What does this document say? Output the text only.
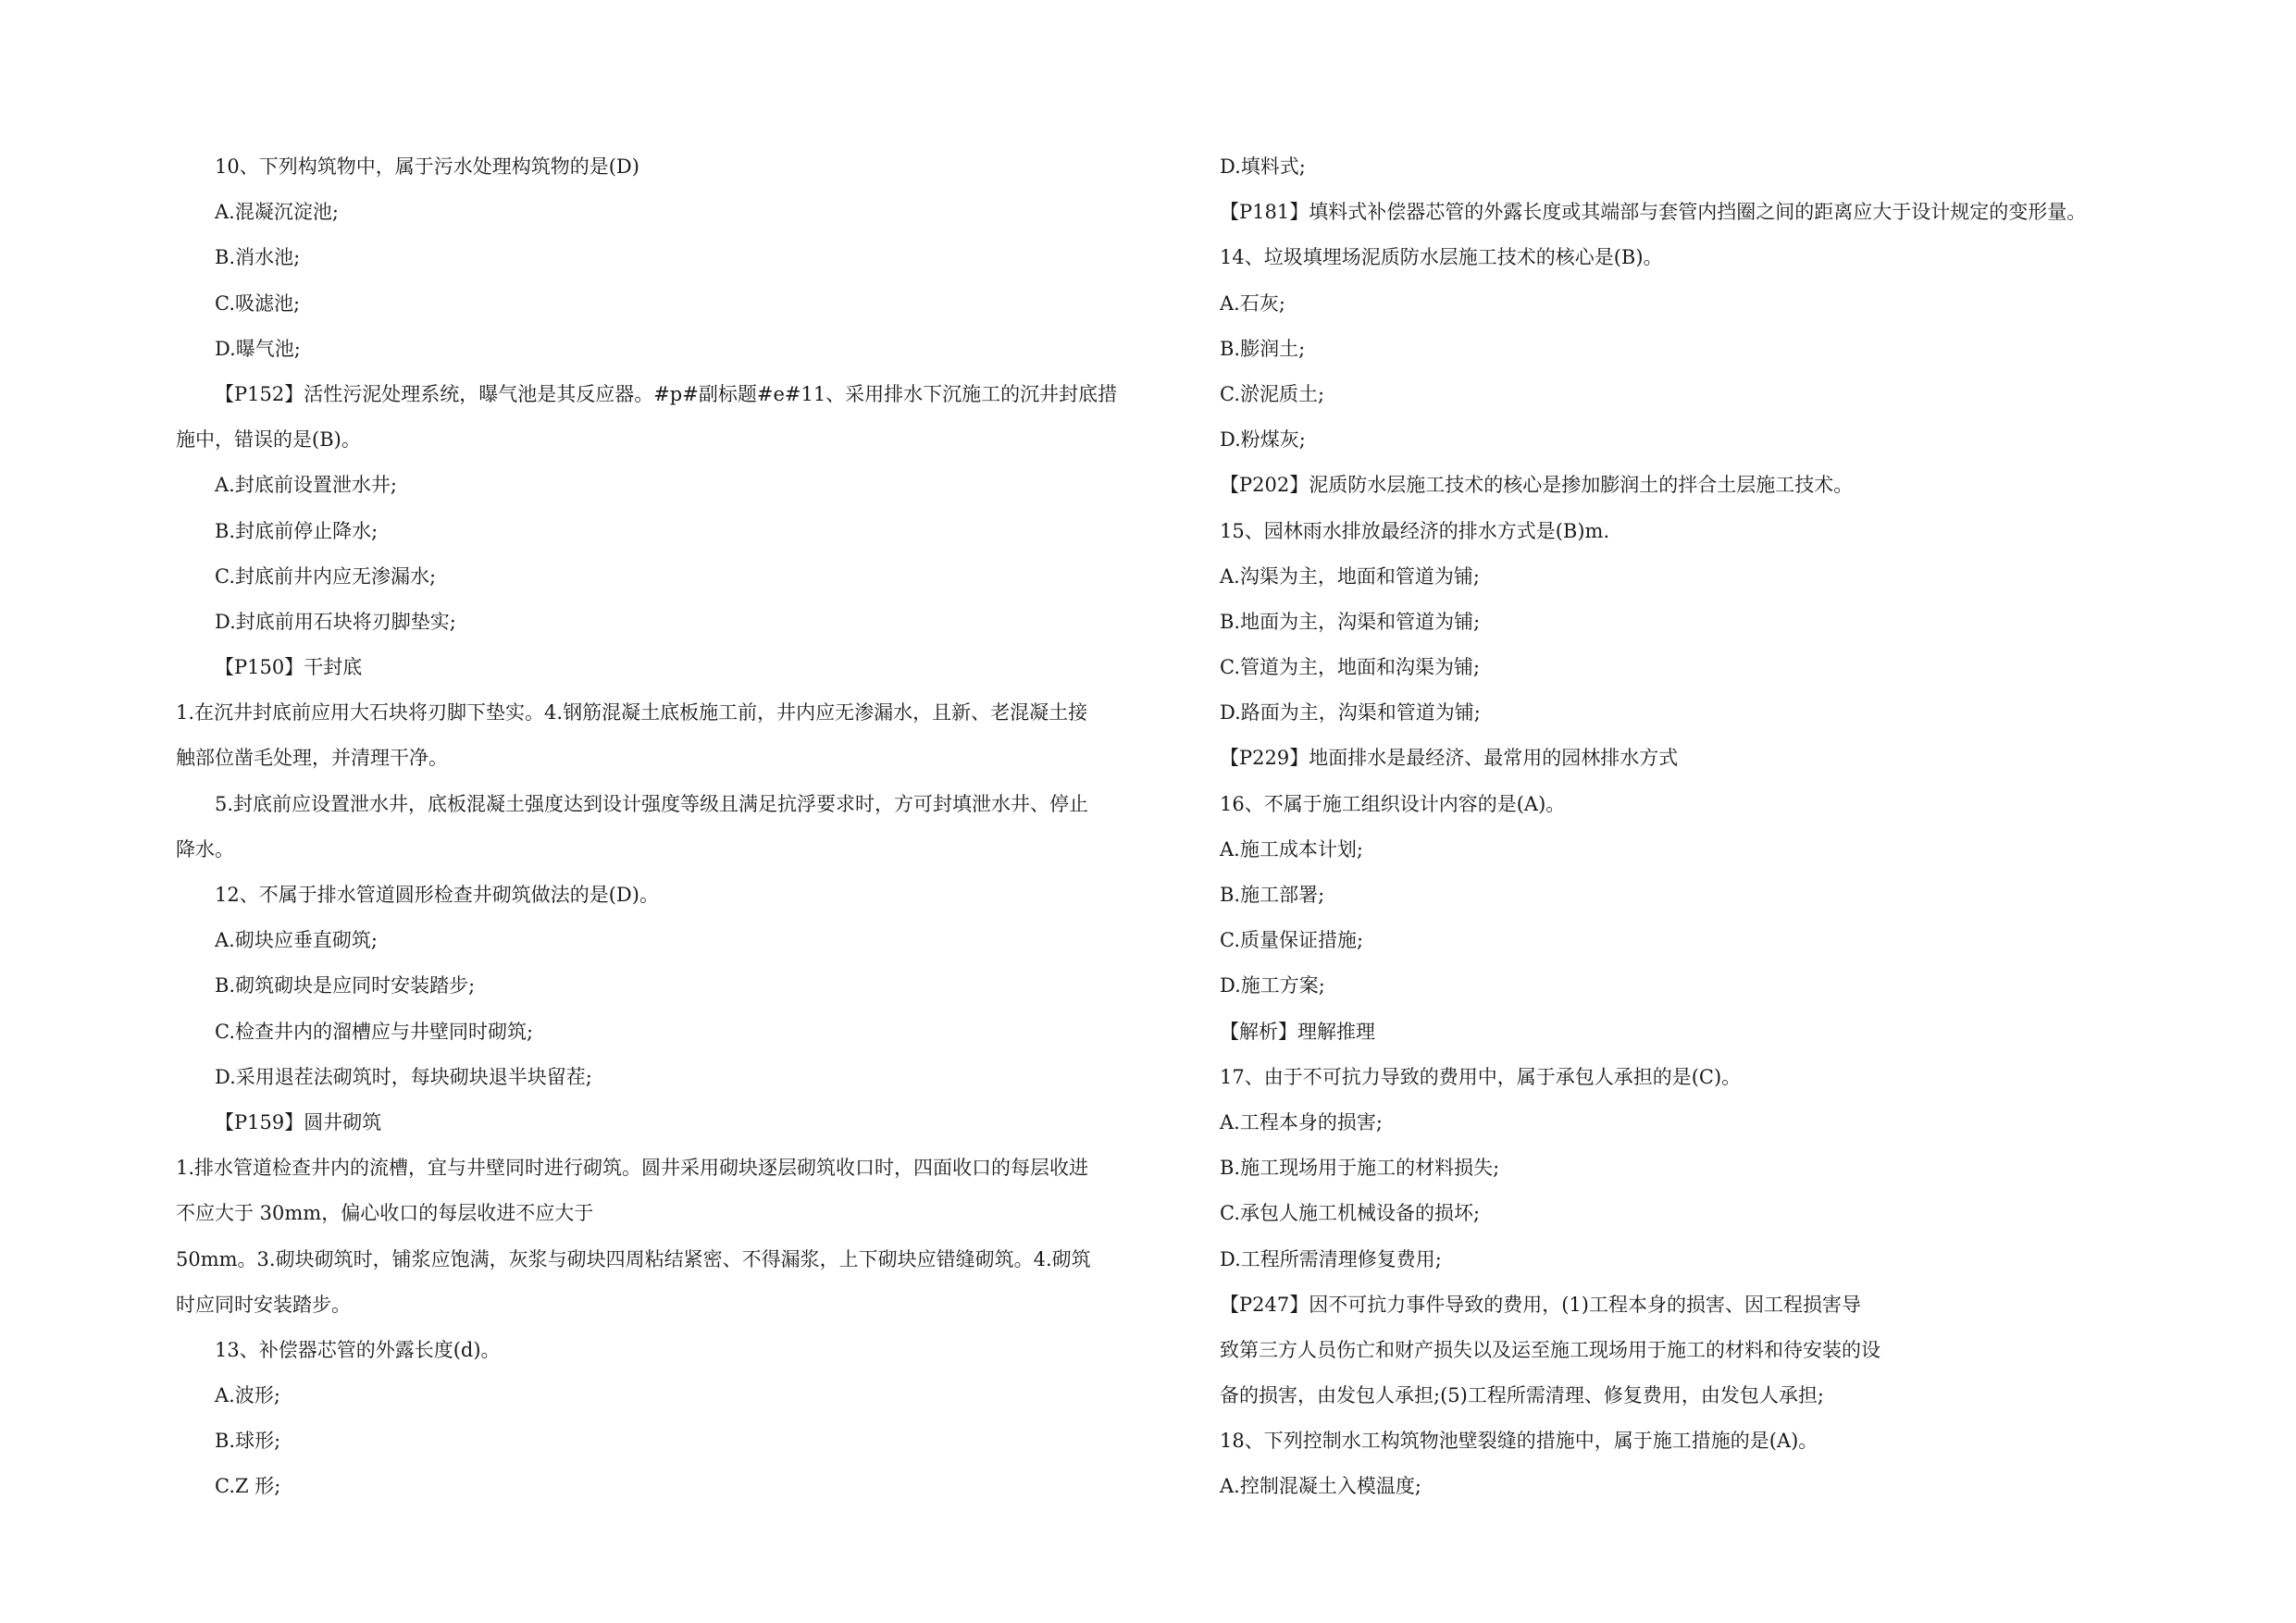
10、下列构筑物中，属于污水处理构筑物的是(D)
A.混凝沉淀池;
B.消水池;
C.吸滤池;
D.曝气池;
【P152】活性污泥处理系统，曝气池是其反应器。#p#副标题#e#11、采用排水下沉施工的沉井封底措
施中，错误的是(B)。
A.封底前设置泄水井;
B.封底前停止降水;
C.封底前井内应无渗漏水;
D.封底前用石块将刃脚垫实;
【P150】干封底
1.在沉井封底前应用大石块将刃脚下垫实。4.钢筋混凝土底板施工前，井内应无渗漏水，且新、老混凝土接
触部位凿毛处理，并清理干净。
5.封底前应设置泄水井，底板混凝土强度达到设计强度等级且满足抗浮要求时，方可封填泄水井、停止
降水。
12、不属于排水管道圆形检查井砌筑做法的是(D)。
A.砌块应垂直砌筑;
B.砌筑砌块是应同时安装踏步;
C.检查井内的溜槽应与井壁同时砌筑;
D.采用退茬法砌筑时，每块砌块退半块留茬;
【P159】圆井砌筑
1.排水管道检查井内的流槽，宜与井壁同时进行砌筑。圆井采用砌块逐层砌筑收口时，四面收口的每层收进
不应大于 30mm，偏心收口的每层收进不应大于
50mm。3.砌块砌筑时，铺浆应饱满，灰浆与砌块四周粘结紧密、不得漏浆，上下砌块应错缝砌筑。4.砌筑
时应同时安装踏步。
13、补偿器芯管的外露长度(d)。
A.波形;
B.球形;
C.Z 形;
D.填料式;
【P181】填料式补偿器芯管的外露长度或其端部与套管内挡圈之间的距离应大于设计规定的变形量。
14、垃圾填埋场泥质防水层施工技术的核心是(B)。
A.石灰;
B.膨润土;
C.淤泥质土;
D.粉煤灰;
【P202】泥质防水层施工技术的核心是掺加膨润土的拌合土层施工技术。
15、园林雨水排放最经济的排水方式是(B)m.
A.沟渠为主，地面和管道为铺;
B.地面为主，沟渠和管道为铺;
C.管道为主，地面和沟渠为铺;
D.路面为主，沟渠和管道为铺;
【P229】地面排水是最经济、最常用的园林排水方式
16、不属于施工组织设计内容的是(A)。
A.施工成本计划;
B.施工部署;
C.质量保证措施;
D.施工方案;
【解析】理解推理
17、由于不可抗力导致的费用中，属于承包人承担的是(C)。
A.工程本身的损害;
B.施工现场用于施工的材料损失;
C.承包人施工机械设备的损坏;
D.工程所需清理修复费用;
【P247】因不可抗力事件导致的费用，(1)工程本身的损害、因工程损害导
致第三方人员伤亡和财产损失以及运至施工现场用于施工的材料和待安装的设
备的损害，由发包人承担;(5)工程所需清理、修复费用，由发包人承担;
18、下列控制水工构筑物池壁裂缝的措施中，属于施工措施的是(A)。
A.控制混凝土入模温度;
